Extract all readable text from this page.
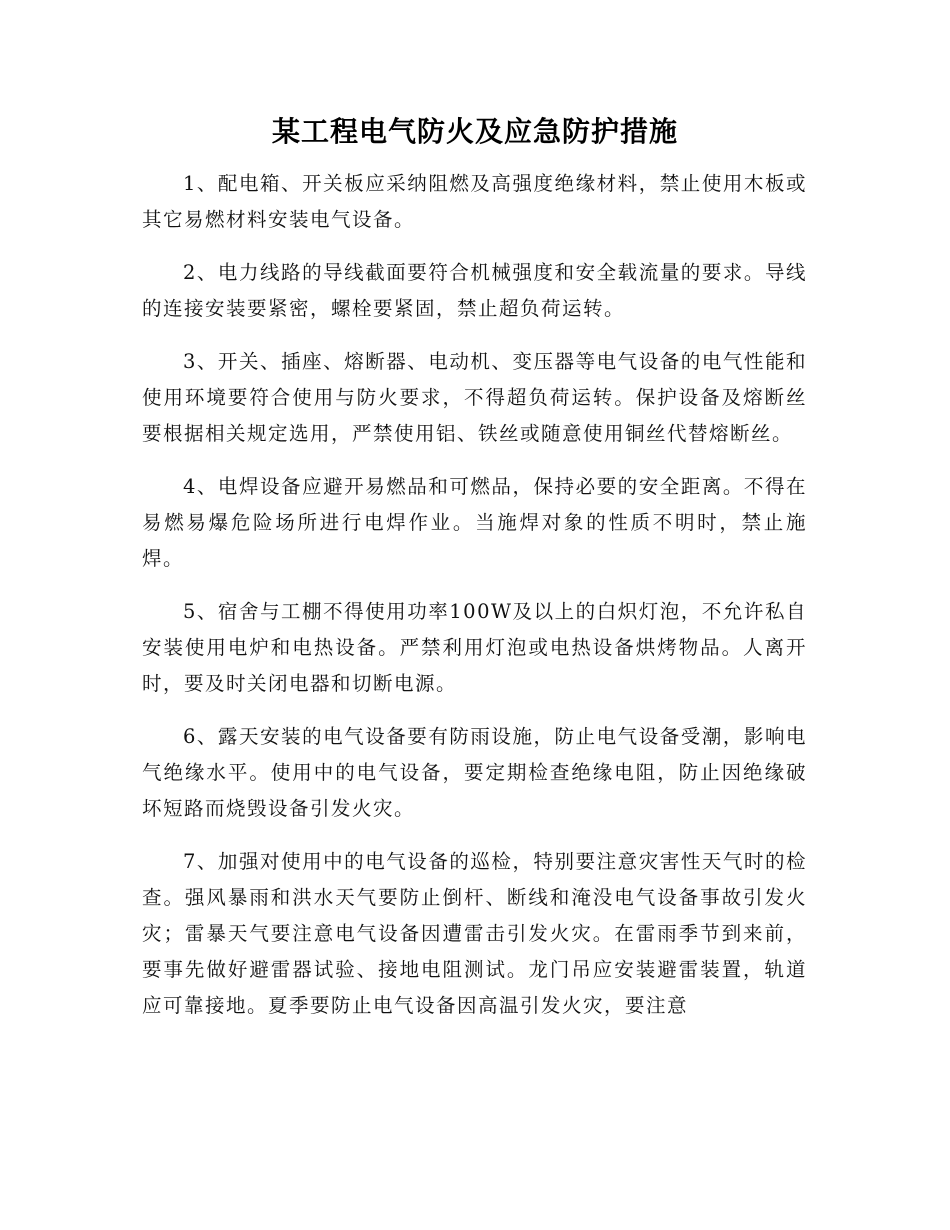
某工程电气防火及应急防护措施

1、配电箱、开关板应采纳阻燃及高强度绝缘材料，禁止使用木板或其它易燃材料安装电气设备。

2、电力线路的导线截面要符合机械强度和安全载流量的要求。导线的连接安装要紧密，螺栓要紧固，禁止超负荷运转。

3、开关、插座、熔断器、电动机、变压器等电气设备的电气性能和使用环境要符合使用与防火要求，不得超负荷运转。保护设备及熔断丝要根据相关规定选用，严禁使用铝、铁丝或随意使用铜丝代替熔断丝。

4、电焊设备应避开易燃品和可燃品，保持必要的安全距离。不得在易燃易爆危险场所进行电焊作业。当施焊对象的性质不明时，禁止施焊。

5、宿舍与工棚不得使用功率100W及以上的白炽灯泡，不允许私自安装使用电炉和电热设备。严禁利用灯泡或电热设备烘烤物品。人离开时，要及时关闭电器和切断电源。

6、露天安装的电气设备要有防雨设施，防止电气设备受潮，影响电气绝缘水平。使用中的电气设备，要定期检查绝缘电阻，防止因绝缘破坏短路而烧毁设备引发火灾。

7、加强对使用中的电气设备的巡检，特别要注意灾害性天气时的检查。强风暴雨和洪水天气要防止倒杆、断线和淹没电气设备事故引发火灾；雷暴天气要注意电气设备因遭雷击引发火灾。在雷雨季节到来前，要事先做好避雷器试验、接地电阻测试。龙门吊应安装避雷装置，轨道应可靠接地。夏季要防止电气设备因高温引发火灾，要注意
